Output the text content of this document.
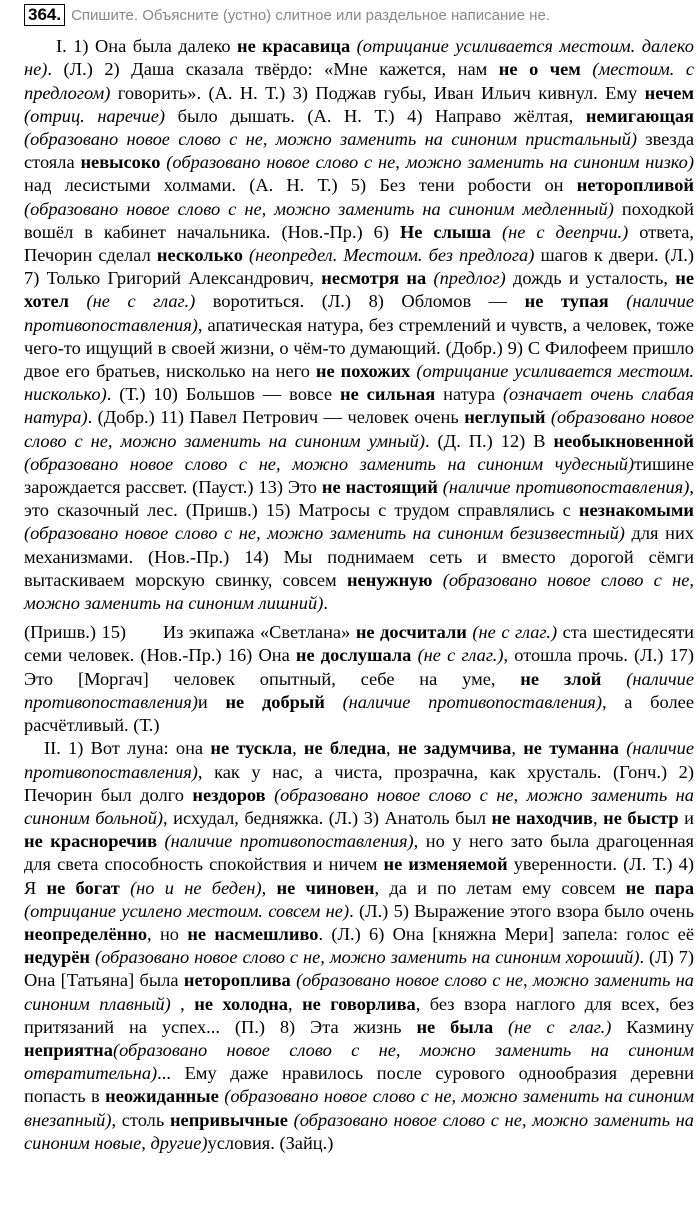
364. Спишите. Объясните (устно) слитное или раздельное написание не.

I. 1) Она была далеко не красавица (отрицание усиливается местоим. далеко не). (Л.) 2) Даша сказала твёрдо: «Мне кажется, нам не о чем (местоим. с предлогом) говорить». (А. Н. Т.) 3) Поджав губы, Иван Ильич кивнул. Ему нечем (отриц. наречие) было дышать. (А. Н. Т.) 4) Направо жёлтая, немигающая (образовано новое слово с не, можно заменить на синоним пристальный) звезда стояла невысоко (образовано новое слово с не, можно заменить на синоним низко) над лесистыми холмами. (А. Н. Т.) 5) Без тени робости он неторопливой (образовано новое слово с не, можно заменить на синоним медленный) походкой вошёл в кабинет начальника. (Нов.-Пр.) 6) Не слыша (не с деепрчи.) ответа, Печорин сделал несколько (неопредел. Местоим. без предлога) шагов к двери. (Л.) 7) Только Григорий Александрович, несмотря на (предлог) дождь и усталость, не хотел (не с глаг.) воротиться. (Л.) 8) Обломов — не тупая (наличие противопоставления), апатическая натура, без стремлений и чувств, а человек, тоже чего-то ищущий в своей жизни, о чём-то думающий. (Добр.) 9) С Филофеем пришло двое его братьев, нисколько на него не похожих (отрицание усиливается местоим. нисколько). (Т.) 10) Большов — вовсе не сильная натура (означает очень слабая натура). (Добр.) 11) Павел Петрович — человек очень неглупый (образовано новое слово с не, можно заменить на синоним умный). (Д. П.) 12) В необыкновенной (образовано новое слово с не, можно заменить на синоним чудесный)тишине зарождается рассвет. (Пауст.) 13) Это не настоящий (наличие противопоставления), это сказочный лес. (Пришв.) 15) Матросы с трудом справлялись с незнакомыми (образовано новое слово с не, можно заменить на синоним безизвестный) для них механизмами. (Нов.-Пр.) 14) Мы поднимаем сеть и вместо дорогой сёмги вытаскиваем морскую свинку, совсем ненужную (образовано новое слово с не, можно заменить на синоним лишний).

(Пришв.) 15)  Из экипажа «Светлана» не досчитали (не с глаг.) ста шестидесяти семи человек. (Нов.-Пр.) 16) Она не дослушала (не с глаг.), отошла прочь. (Л.) 17) Это [Моргач] человек опытный, себе на уме, не злой (наличие противопоставления)и не добрый (наличие противопоставления), а более расчётливый. (Т.)

II. 1) Вот луна: она не тускла, не бледна, не задумчива, не туманна (наличие противопоставления), как у нас, а чиста, прозрачна, как хрусталь. (Гонч.) 2) Печорин был долго нездоров (образовано новое слово с не, можно заменить на синоним больной), исхудал, бедняжка. (Л.) 3) Анатоль был не находчив, не быстр и не красноречив (наличие противопоставления), но у него зато была драгоценная для света способность спокойствия и ничем не изменяемой уверенности. (Л. Т.) 4) Я не богат (но и не беден), не чиновен, да и по летам ему совсем не пара (отрицание усилено местоим. совсем не). (Л.) 5) Выражение этого взора было очень неопределённо, но не насмешливо. (Л.) 6) Она [княжна Мери] запела: голос её недурён (образовано новое слово с не, можно заменить на синоним хороший). (Л) 7) Она [Татьяна] была нетороплива (образовано новое слово с не, можно заменить на синоним плавный) , не холодна, не говорлива, без взора наглого для всех, без притязаний на успех... (П.) 8) Эта жизнь не была (не с глаг.) Казмину неприятна(образовано новое слово с не, можно заменить на синоним отвратительна)... Ему даже нравилось после сурового однообразия деревни попасть в неожиданные (образовано новое слово с не, можно заменить на синоним внезапный), столь непривычные (образовано новое слово с не, можно заменить на синоним новые, другие)условия. (Зайц.)
